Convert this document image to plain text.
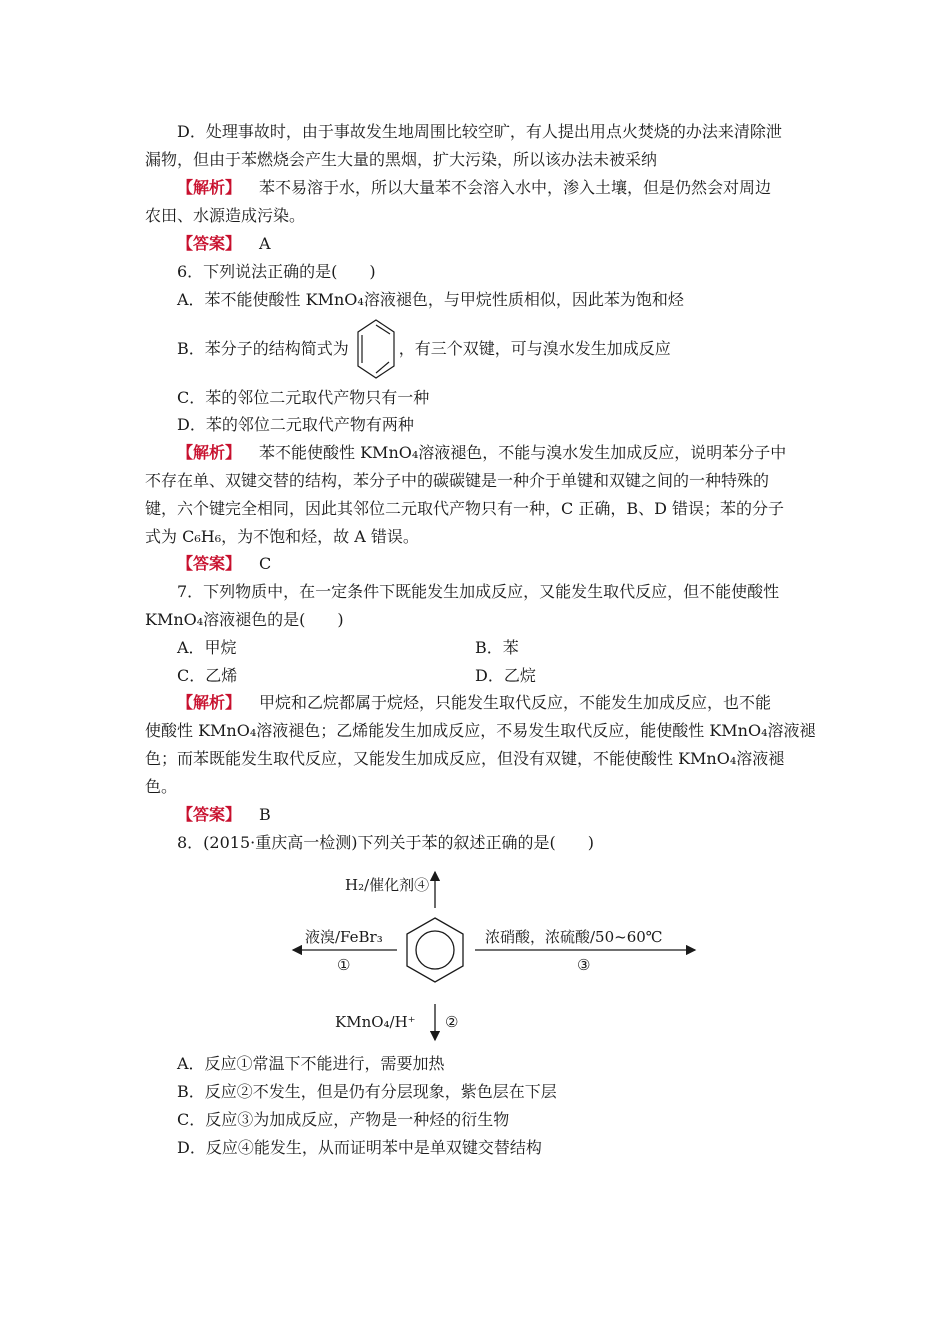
D．处理事故时，由于事故发生地周围比较空旷，有人提出用点火焚烧的办法来清除泄
漏物，但由于苯燃烧会产生大量的黑烟，扩大污染，所以该办法未被采纳
【解析】 苯不易溶于水，所以大量苯不会溶入水中，渗入土壤，但是仍然会对周边
农田、水源造成污染。
【答案】 A
6．下列说法正确的是(　　)
A．苯不能使酸性 KMnO₄溶液褪色，与甲烷性质相似，因此苯为饱和烃
B．苯分子的结构简式为	，有三个双键，可与溴水发生加成反应
C．苯的邻位二元取代产物只有一种
D．苯的邻位二元取代产物有两种
【解析】 苯不能使酸性 KMnO₄溶液褪色，不能与溴水发生加成反应，说明苯分子中
不存在单、双键交替的结构，苯分子中的碳碳键是一种介于单键和双键之间的一种特殊的
键，六个键完全相同，因此其邻位二元取代产物只有一种，C 正确，B、D 错误；苯的分子
式为 C₆H₆，为不饱和烃，故 A 错误。
【答案】 C
7．下列物质中，在一定条件下既能发生加成反应，又能发生取代反应，但不能使酸性
KMnO₄溶液褪色的是(　　)
A．甲烷	B．苯
C．乙烯	D．乙烷
【解析】 甲烷和乙烷都属于烷烃，只能发生取代反应，不能发生加成反应，也不能
使酸性 KMnO₄溶液褪色；乙烯能发生加成反应，不易发生取代反应，能使酸性 KMnO₄溶液褪
色；而苯既能发生取代反应，又能发生加成反应，但没有双键，不能使酸性 KMnO₄溶液褪
色。
【答案】 B
8．(2015·重庆高一检测)下列关于苯的叙述正确的是(　　)
H₂/催化剂④
液溴/FeBr₃
①
浓硝酸，浓硫酸/50~60℃
③
KMnO₄/H⁺ ②
A．反应①常温下不能进行，需要加热
B．反应②不发生，但是仍有分层现象，紫色层在下层
C．反应③为加成反应，产物是一种烃的衍生物
D．反应④能发生，从而证明苯中是单双键交替结构
